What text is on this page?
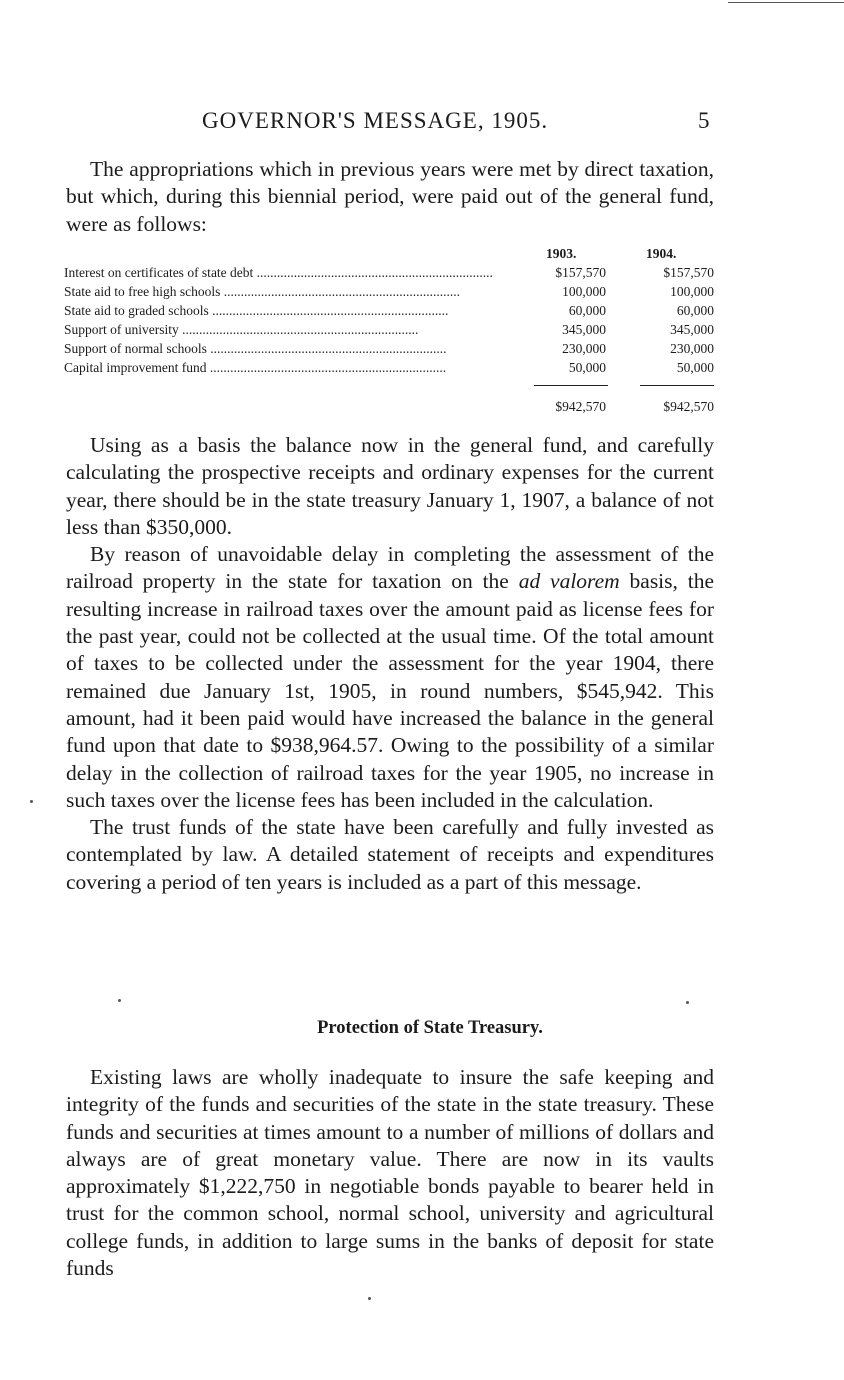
GOVERNOR'S MESSAGE, 1905.	5

The appropriations which in previous years were met by direct taxation, but which, during this biennial period, were paid out of the general fund, were as follows:

1903.	1904.
Interest on certificates of state debt .....	$157,570	$157,570
State aid to free high schools .....	100,000	100,000
State aid to graded schools .....	60,000	60,000
Support of university .....	345,000	345,000
Support of normal schools .....	230,000	230,000
Capital improvement fund .....	50,000	50,000
$942,570	$942,570

Using as a basis the balance now in the general fund, and carefully calculating the prospective receipts and ordinary expenses for the current year, there should be in the state treasury January 1, 1907, a balance of not less than $350,000.

By reason of unavoidable delay in completing the assessment of the railroad property in the state for taxation on the ad valorem basis, the resulting increase in railroad taxes over the amount paid as license fees for the past year, could not be collected at the usual time. Of the total amount of taxes to be collected under the assessment for the year 1904, there remained due January 1st, 1905, in round numbers, $545,942. This amount, had it been paid would have increased the balance in the general fund upon that date to $938,964.57. Owing to the possibility of a similar delay in the collection of railroad taxes for the year 1905, no increase in such taxes over the license fees has been included in the calculation.

The trust funds of the state have been carefully and fully invested as contemplated by law. A detailed statement of receipts and expenditures covering a period of ten years is included as a part of this message.

Protection of State Treasury.

Existing laws are wholly inadequate to insure the safe keeping and integrity of the funds and securities of the state in the state treasury. These funds and securities at times amount to a number of millions of dollars and always are of great monetary value. There are now in its vaults approximately $1,222,750 in negotiable bonds payable to bearer held in trust for the common school, normal school, university and agricultural college funds, in addition to large sums in the banks of deposit for state funds
